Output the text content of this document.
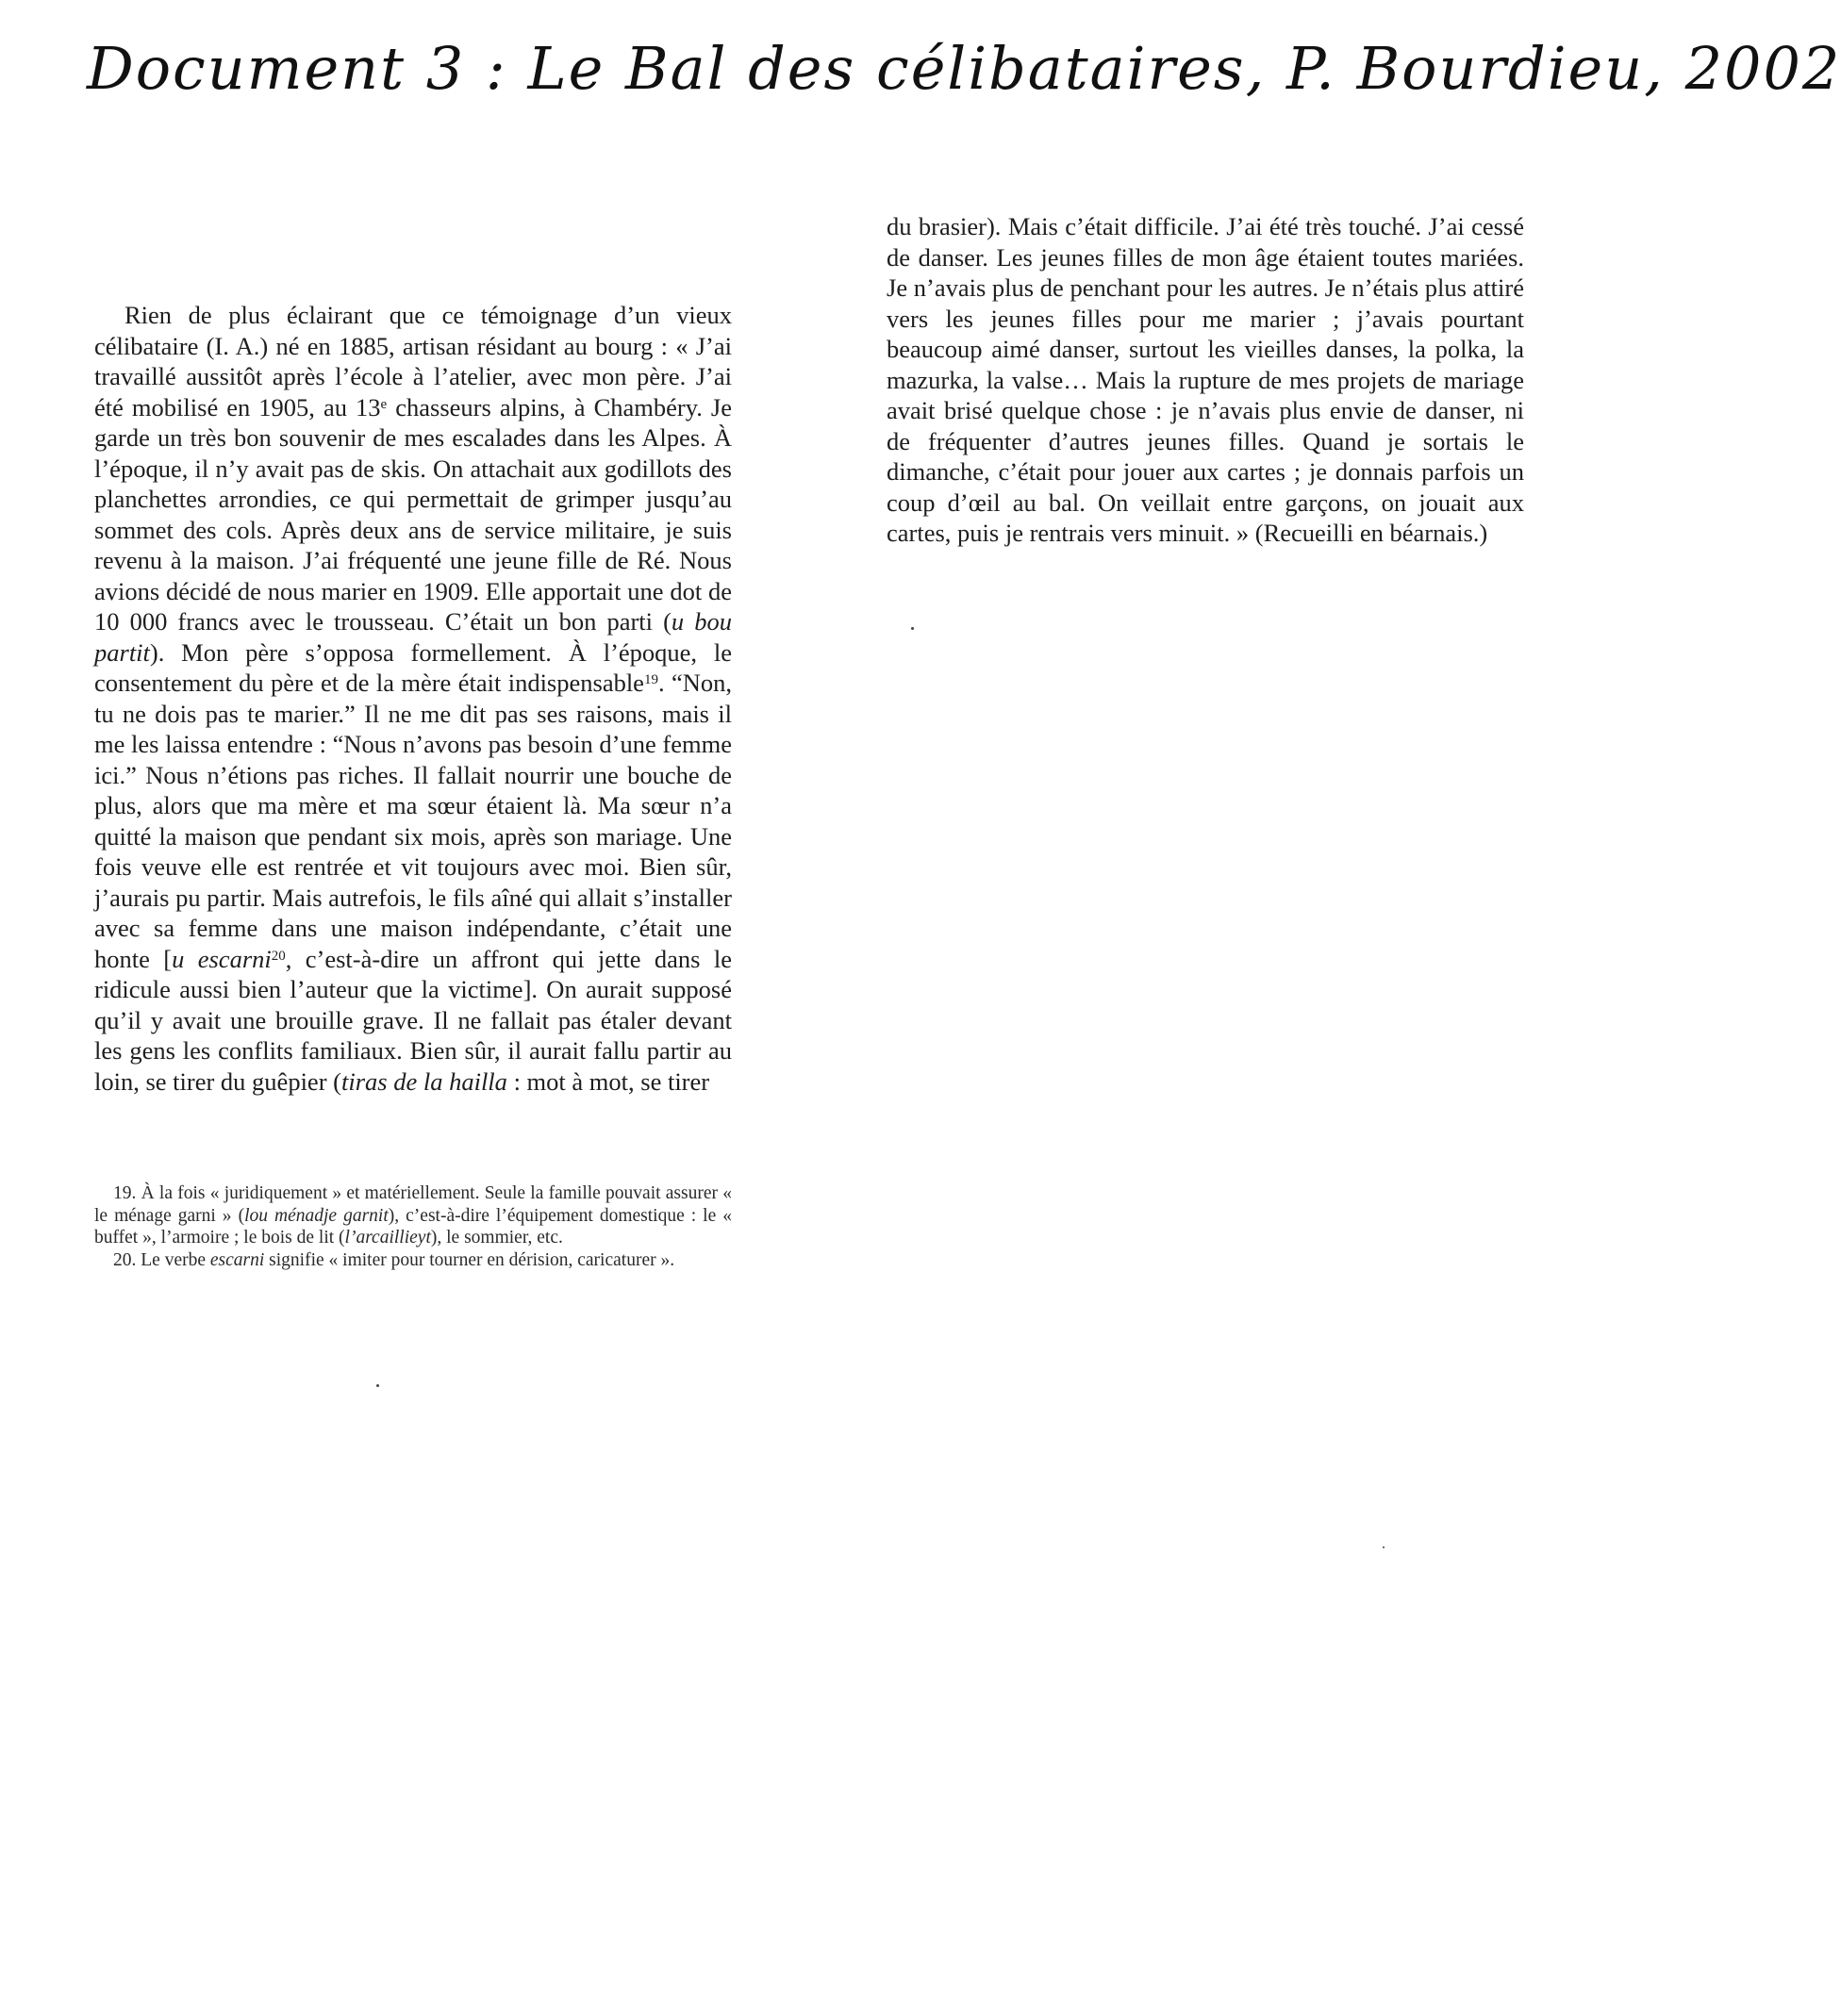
Document 3 : Le Bal des célibataires, P. Bourdieu, 2002
Rien de plus éclairant que ce témoignage d’un vieux célibataire (I. A.) né en 1885, artisan résidant au bourg : « J’ai travaillé aussitôt après l’école à l’atelier, avec mon père. J’ai été mobilisé en 1905, au 13e chasseurs alpins, à Chambéry. Je garde un très bon souvenir de mes escalades dans les Alpes. À l’époque, il n’y avait pas de skis. On attachait aux godillots des planchettes arrondies, ce qui permettait de grimper jusqu’au sommet des cols. Après deux ans de service militaire, je suis revenu à la maison. J’ai fréquenté une jeune fille de Ré. Nous avions décidé de nous marier en 1909. Elle apportait une dot de 10 000 francs avec le trousseau. C’était un bon parti (u bou partit). Mon père s’opposa formellement. À l’époque, le consentement du père et de la mère était indispensable$^{19}$. “Non, tu ne dois pas te marier.” Il ne me dit pas ses raisons, mais il me les laissa entendre : “Nous n’avons pas besoin d’une femme ici.” Nous n’étions pas riches. Il fallait nourrir une bouche de plus, alors que ma mère et ma sœur étaient là. Ma sœur n’a quitté la maison que pendant six mois, après son mariage. Une fois veuve elle est rentrée et vit toujours avec moi. Bien sûr, j’aurais pu partir. Mais autrefois, le fils aîné qui allait s’installer avec sa femme dans une maison indépendante, c’était une honte [u escarni$^{20}$, c’est-à-dire un affront qui jette dans le ridicule aussi bien l’auteur que la victime]. On aurait supposé qu’il y avait une brouille grave. Il ne fallait pas étaler devant les gens les conflits familiaux. Bien sûr, il aurait fallu partir au loin, se tirer du guêpier (tiras de la hailla : mot à mot, se tirer
du brasier). Mais c’était difficile. J’ai été très touché. J’ai cessé de danser. Les jeunes filles de mon âge étaient toutes mariées. Je n’avais plus de penchant pour les autres. Je n’étais plus attiré vers les jeunes filles pour me marier ; j’avais pourtant beaucoup aimé danser, surtout les vieilles danses, la polka, la mazurka, la valse… Mais la rupture de mes projets de mariage avait brisé quelque chose : je n’avais plus envie de danser, ni de fréquenter d’autres jeunes filles. Quand je sortais le dimanche, c’était pour jouer aux cartes ; je donnais parfois un coup d’œil au bal. On veillait entre garçons, on jouait aux cartes, puis je rentrais vers minuit. » (Recueilli en béarnais.)

19. À la fois « juridiquement » et matériellement. Seule la famille pouvait assurer « le ménage garni » (lou ménadje garnit), c’est-à-dire l’équipement domestique : le « buffet », l’armoire ; le bois de lit (l’arcaillieyt), le sommier, etc.

20. Le verbe escarni signifie « imiter pour tourner en dérision, caricaturer ».
